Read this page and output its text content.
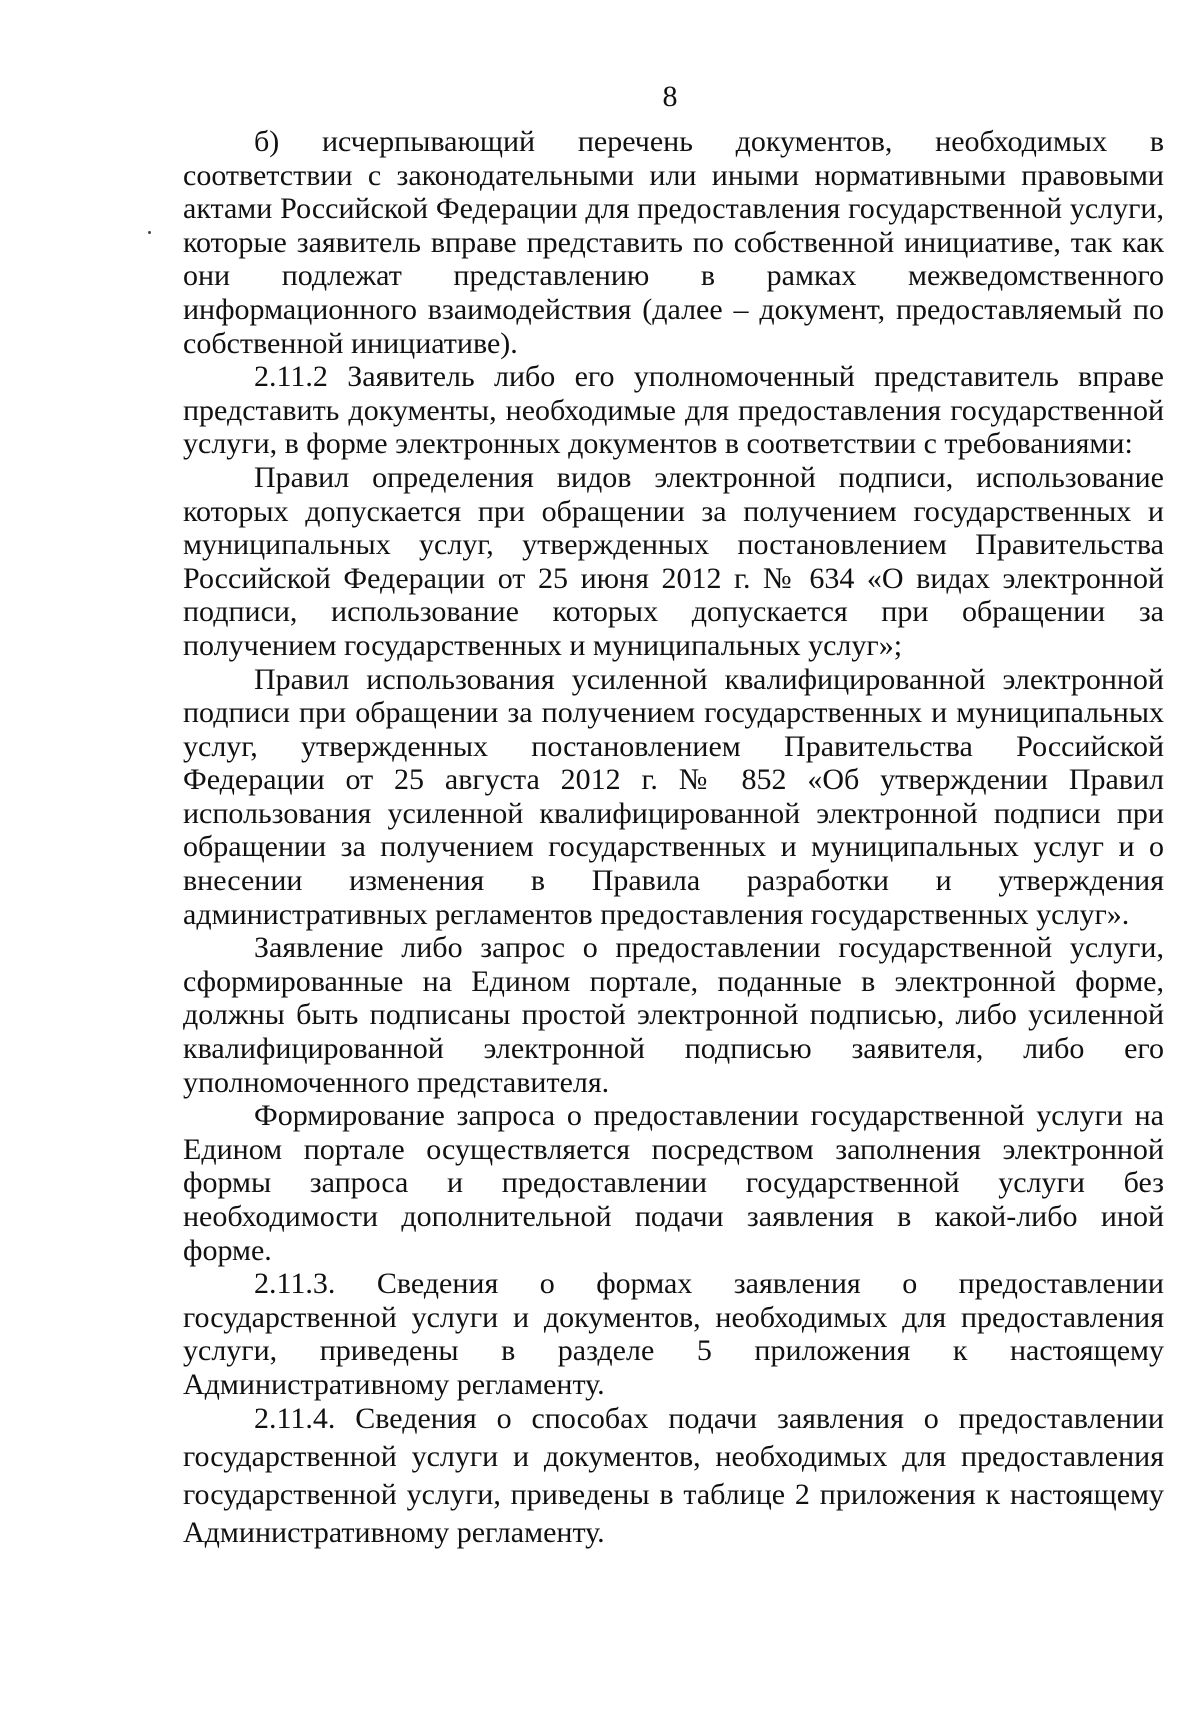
8

б) исчерпывающий перечень документов, необходимых в соответствии с законодательными или иными нормативными правовыми актами Российской Федерации для предоставления государственной услуги, которые заявитель вправе представить по собственной инициативе, так как они подлежат представлению в рамках межведомственного информационного взаимодействия (далее – документ, предоставляемый по собственной инициативе).

2.11.2 Заявитель либо его уполномоченный представитель вправе представить документы, необходимые для предоставления государственной услуги, в форме электронных документов в соответствии с требованиями:

Правил определения видов электронной подписи, использование которых допускается при обращении за получением государственных и муниципальных услуг, утвержденных постановлением Правительства Российской Федерации от 25 июня 2012 г. № 634 «О видах электронной подписи, использование которых допускается при обращении за получением государственных и муниципальных услуг»;

Правил использования усиленной квалифицированной электронной подписи при обращении за получением государственных и муниципальных услуг, утвержденных постановлением Правительства Российской Федерации от 25 августа 2012 г. № 852 «Об утверждении Правил использования усиленной квалифицированной электронной подписи при обращении за получением государственных и муниципальных услуг и о внесении изменения в Правила разработки и утверждения административных регламентов предоставления государственных услуг».

Заявление либо запрос о предоставлении государственной услуги, сформированные на Едином портале, поданные в электронной форме, должны быть подписаны простой электронной подписью, либо усиленной квалифицированной электронной подписью заявителя, либо его уполномоченного представителя.

Формирование запроса о предоставлении государственной услуги на Едином портале осуществляется посредством заполнения электронной формы запроса и предоставлении государственной услуги без необходимости дополнительной подачи заявления в какой-либо иной форме.

2.11.3. Сведения о формах заявления о предоставлении государственной услуги и документов, необходимых для предоставления услуги, приведены в разделе 5 приложения к настоящему Административному регламенту.

2.11.4. Сведения о способах подачи заявления о предоставлении государственной услуги и документов, необходимых для предоставления государственной услуги, приведены в таблице 2 приложения к настоящему Административному регламенту.
